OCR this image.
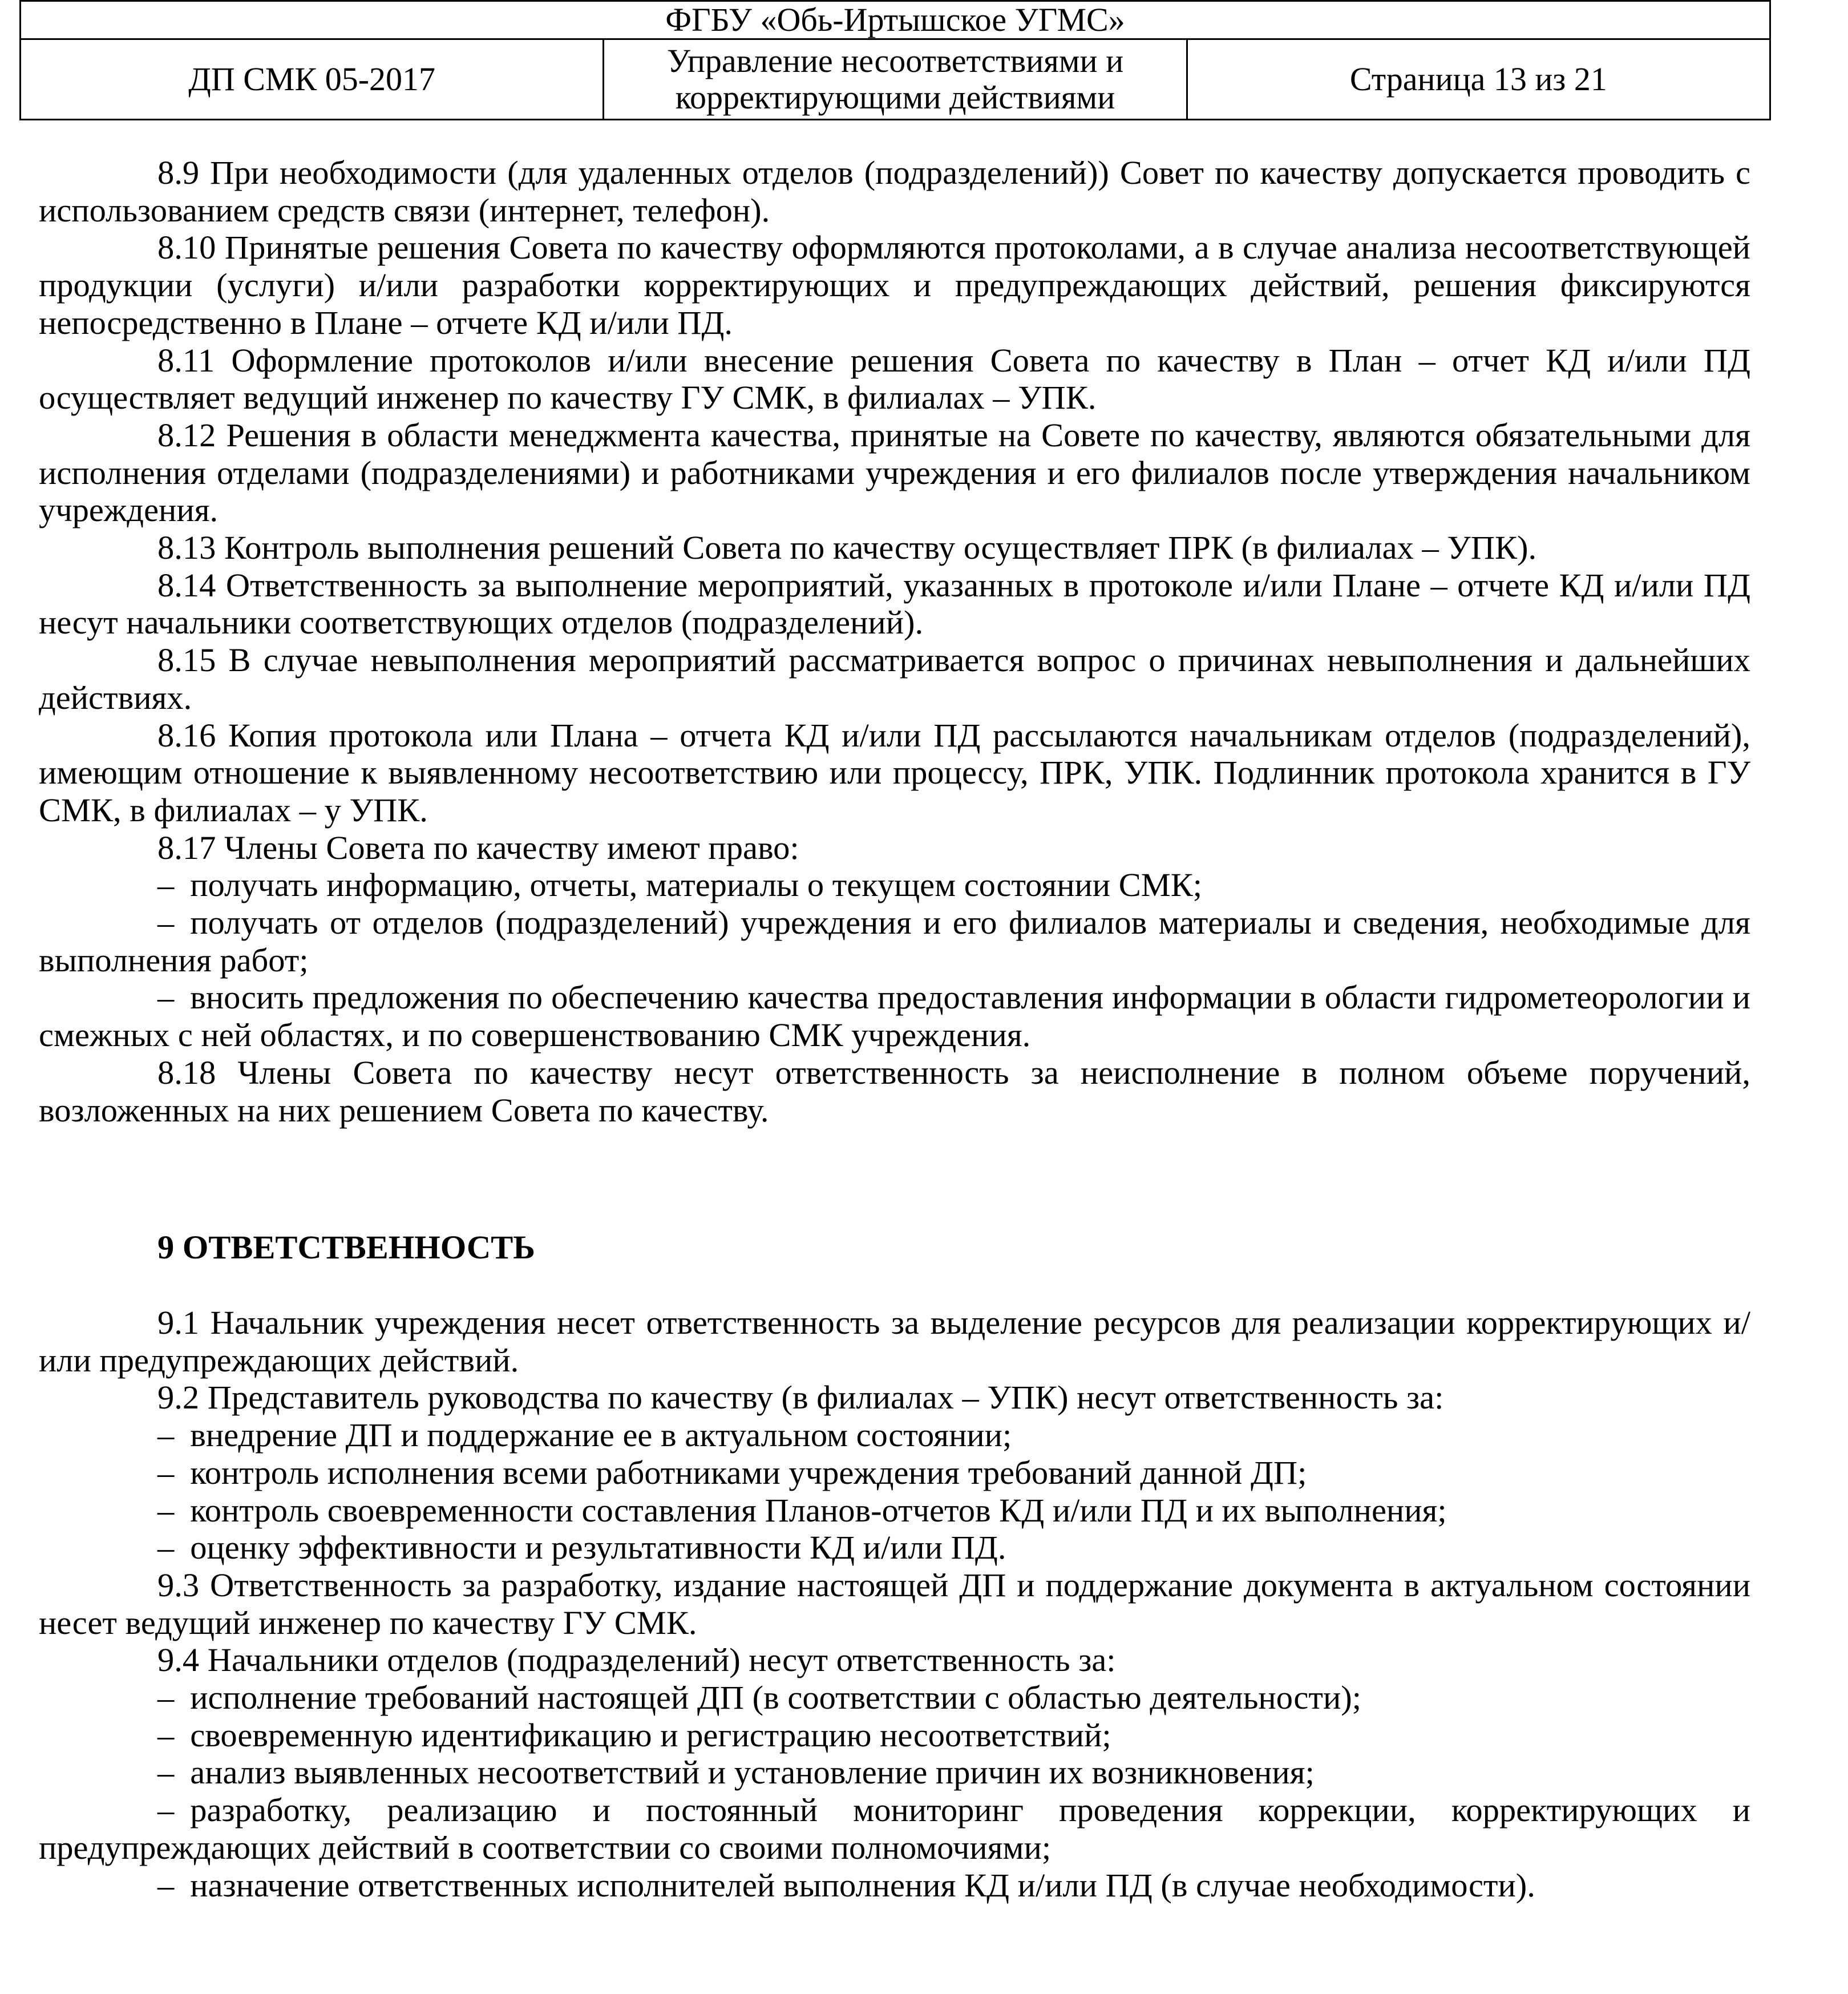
ФГБУ «Обь-Иртышское УГМС»
ДП СМК 05-2017	Управление несоответствиями и корректирующими действиями	Страница 13 из 21

8.9 При необходимости (для удаленных отделов (подразделений)) Совет по качеству допускается проводить с использованием средств связи (интернет, телефон).

8.10 Принятые решения Совета по качеству оформляются протоколами, а в случае анализа несоответствующей продукции (услуги) и/или разработки корректирующих и предупреждающих действий, решения фиксируются непосредственно в Плане – отчете КД и/или ПД.

8.11 Оформление протоколов и/или внесение решения Совета по качеству в План – отчет КД и/или ПД осуществляет ведущий инженер по качеству ГУ СМК, в филиалах – УПК.

8.12 Решения в области менеджмента качества, принятые на Совете по качеству, являются обязательными для исполнения отделами (подразделениями) и работниками учреждения и его филиалов после утверждения начальником учреждения.

8.13 Контроль выполнения решений Совета по качеству осуществляет ПРК (в филиалах – УПК).

8.14 Ответственность за выполнение мероприятий, указанных в протоколе и/или Плане – отчете КД и/или ПД несут начальники соответствующих отделов (подразделений).

8.15 В случае невыполнения мероприятий рассматривается вопрос о причинах невыполнения и дальнейших действиях.

8.16 Копия протокола или Плана – отчета КД и/или ПД рассылаются начальникам отделов (подразделений), имеющим отношение к выявленному несоответствию или процессу, ПРК, УПК. Подлинник протокола хранится в ГУ СМК, в филиалах – у УПК.

8.17 Члены Совета по качеству имеют право:

– получать информацию, отчеты, материалы о текущем состоянии СМК;

– получать от отделов (подразделений) учреждения и его филиалов материалы и сведения, необходимые для выполнения работ;

– вносить предложения по обеспечению качества предоставления информации в области гидрометеорологии и смежных с ней областях, и по совершенствованию СМК учреждения.

8.18 Члены Совета по качеству несут ответственность за неисполнение в полном объеме поручений, возложенных на них решением Совета по качеству.

9 ОТВЕТСТВЕННОСТЬ

9.1 Начальник учреждения несет ответственность за выделение ресурсов для реализации корректирующих и/или предупреждающих действий.

9.2 Представитель руководства по качеству (в филиалах – УПК) несут ответственность за:

– внедрение ДП и поддержание ее в актуальном состоянии;

– контроль исполнения всеми работниками учреждения требований данной ДП;

– контроль своевременности составления Планов-отчетов КД и/или ПД и их выполнения;

– оценку эффективности и результативности КД и/или ПД.

9.3 Ответственность за разработку, издание настоящей ДП и поддержание документа в актуальном состоянии несет ведущий инженер по качеству ГУ СМК.

9.4 Начальники отделов (подразделений) несут ответственность за:

– исполнение требований настоящей ДП (в соответствии с областью деятельности);

– своевременную идентификацию и регистрацию несоответствий;

– анализ выявленных несоответствий и установление причин их возникновения;

– разработку, реализацию и постоянный мониторинг проведения коррекции, корректирующих и предупреждающих действий в соответствии со своими полномочиями;

– назначение ответственных исполнителей выполнения КД и/или ПД (в случае необходимости).
